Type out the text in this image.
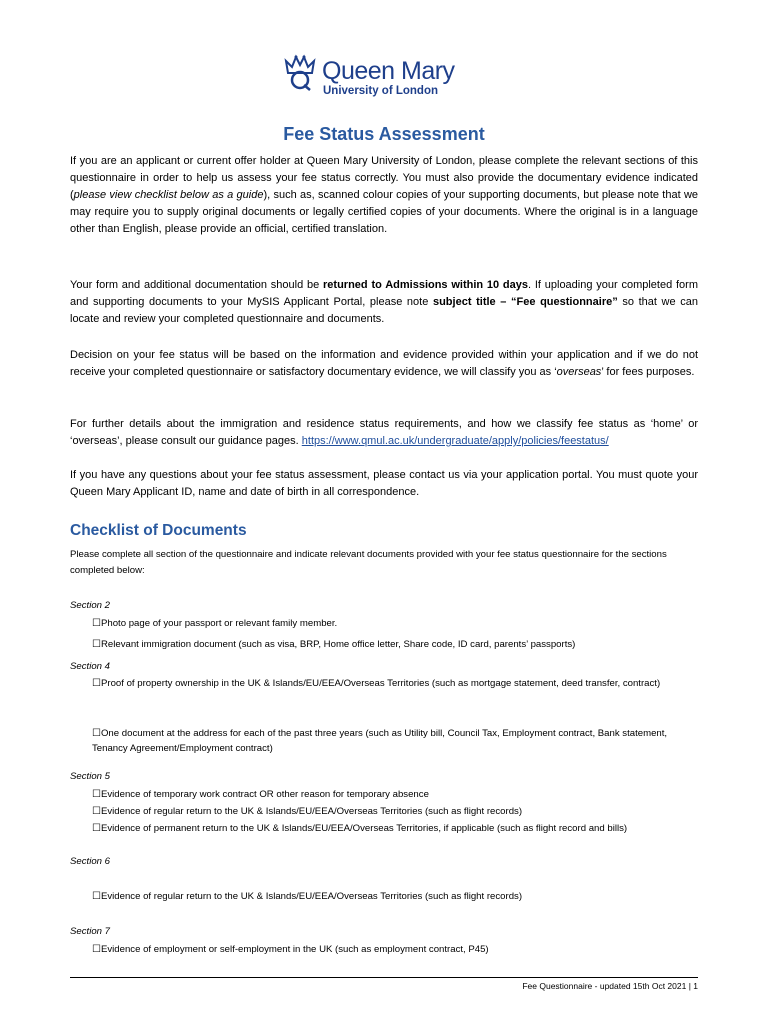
Queen Mary
University of London
Fee Status Assessment
If you are an applicant or current offer holder at Queen Mary University of London, please complete the relevant sections of this questionnaire in order to help us assess your fee status correctly. You must also provide the documentary evidence indicated (please view checklist below as a guide), such as, scanned colour copies of your supporting documents, but please note that we may require you to supply original documents or legally certified copies of your documents. Where the original is in a language other than English, please provide an official, certified translation.
Your form and additional documentation should be returned to Admissions within 10 days. If uploading your completed form and supporting documents to your MySIS Applicant Portal, please note subject title – “Fee questionnaire” so that we can locate and review your completed questionnaire and documents.
Decision on your fee status will be based on the information and evidence provided within your application and if we do not receive your completed questionnaire or satisfactory documentary evidence, we will classify you as ‘overseas’ for fees purposes.
For further details about the immigration and residence status requirements, and how we classify fee status as ‘home’ or ‘overseas’, please consult our guidance pages. https://www.qmul.ac.uk/undergraduate/apply/policies/feestatus/
If you have any questions about your fee status assessment, please contact us via your application portal. You must quote your Queen Mary Applicant ID, name and date of birth in all correspondence.
Checklist of Documents
Please complete all section of the questionnaire and indicate relevant documents provided with your fee status questionnaire for the sections completed below:
Section 2
☐Photo page of your passport or relevant family member.
☐Relevant immigration document (such as visa, BRP, Home office letter, Share code, ID card, parents’ passports)
Section 4
☐Proof of property ownership in the UK & Islands/EU/EEA/Overseas Territories (such as mortgage statement, deed transfer, contract)
☐One document at the address for each of the past three years (such as Utility bill, Council Tax, Employment contract, Bank statement, Tenancy Agreement/Employment contract)
Section 5
☐Evidence of temporary work contract OR other reason for temporary absence
☐Evidence of regular return to the UK & Islands/EU/EEA/Overseas Territories (such as flight records)
☐Evidence of permanent return to the UK & Islands/EU/EEA/Overseas Territories, if applicable (such as flight record and bills)
Section 6
☐Evidence of regular return to the UK & Islands/EU/EEA/Overseas Territories (such as flight records)
Section 7
☐Evidence of employment or self-employment in the UK (such as employment contract, P45)
Fee Questionnaire - updated 15th Oct 2021 | 1
